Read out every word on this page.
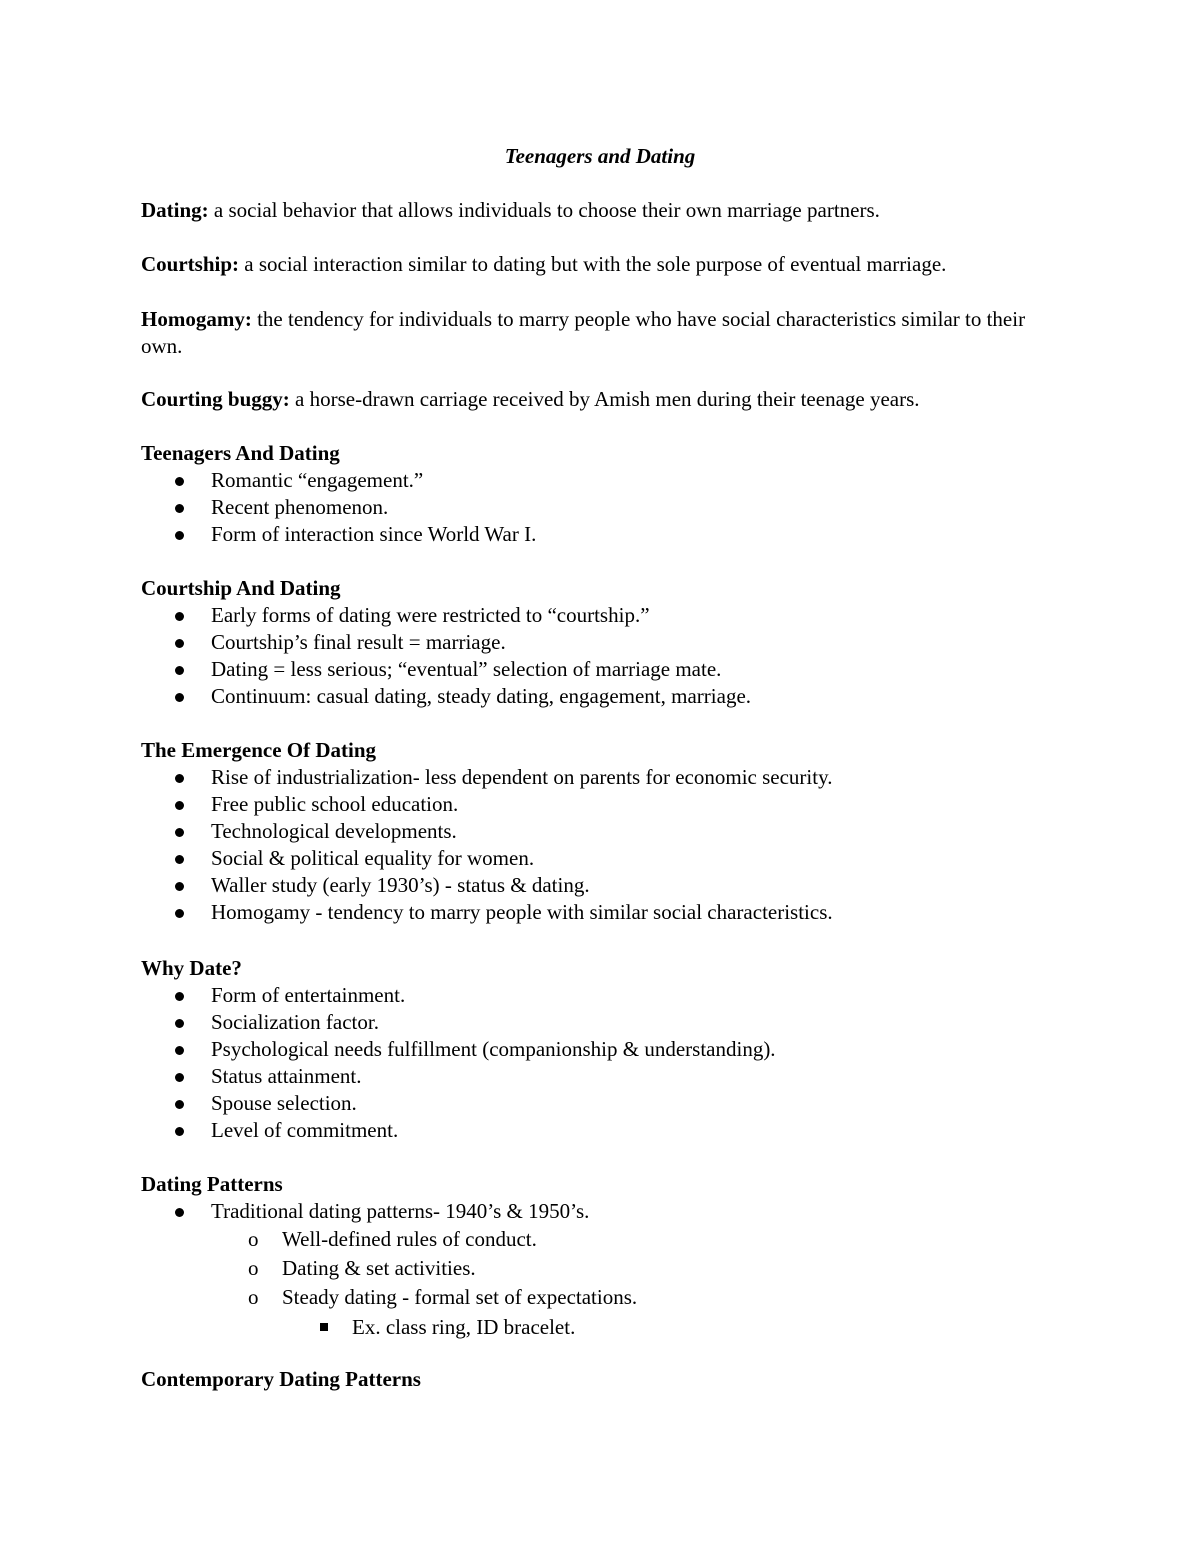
Teenagers and Dating
Dating: a social behavior that allows individuals to choose their own marriage partners.
Courtship: a social interaction similar to dating but with the sole purpose of eventual marriage.
Homogamy: the tendency for individuals to marry people who have social characteristics similar to their own.
Courting buggy: a horse-drawn carriage received by Amish men during their teenage years.

Teenagers And Dating

Romantic “engagement.”
Recent phenomenon.
Form of interaction since World War I.

Courtship And Dating

Early forms of dating were restricted to “courtship.”
Courtship’s final result = marriage.
Dating = less serious; “eventual” selection of marriage mate.
Continuum: casual dating, steady dating, engagement, marriage.

The Emergence Of Dating

Rise of industrialization- less dependent on parents for economic security.
Free public school education.
Technological developments.
Social & political equality for women.
Waller study (early 1930’s) - status & dating.
Homogamy - tendency to marry people with similar social characteristics.

Why Date?

Form of entertainment.
Socialization factor.
Psychological needs fulfillment (companionship & understanding).
Status attainment.
Spouse selection.
Level of commitment.

Dating Patterns

Traditional dating patterns- 1940’s & 1950’s.
o Well-defined rules of conduct.
o Dating & set activities.
o Steady dating - formal set of expectations.
Ex. class ring, ID bracelet.

Contemporary Dating Patterns
